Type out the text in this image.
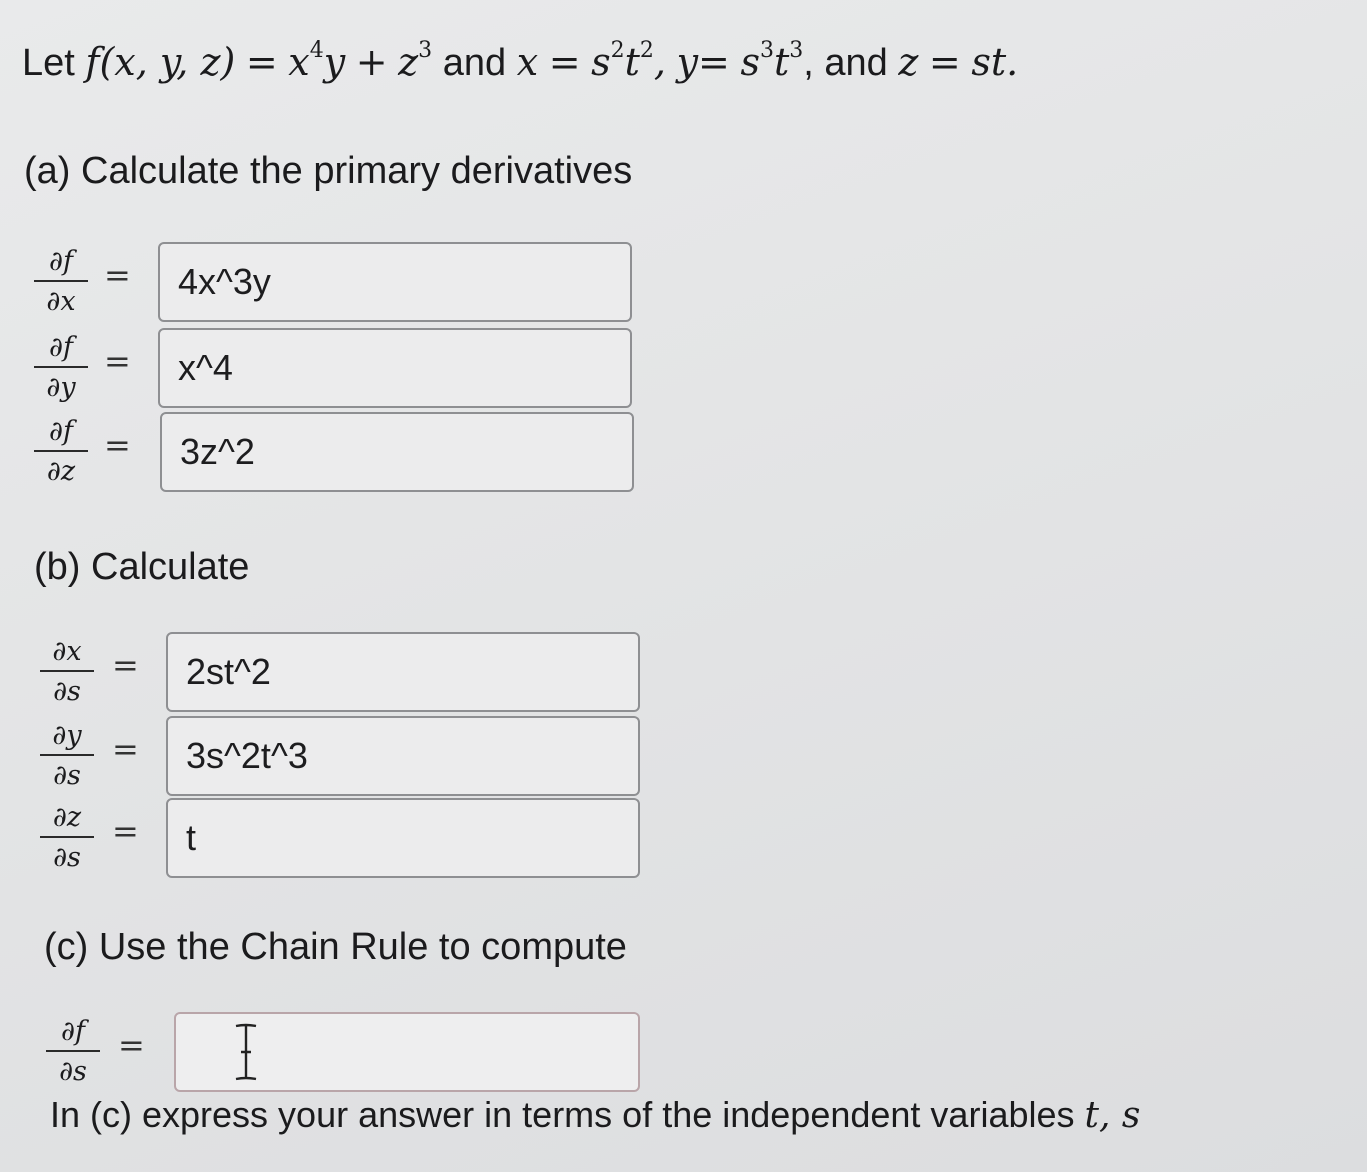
Let f(x, y, $z) = x^4y + z^3$ and $x = s^2t^2$, $y= s^3t^3$, and z = st.
(a) Calculate the primary derivatives
$\frac{\partial f}{\partial x}$ =	4x^3y
$\frac{\partial f}{\partial y}$ =	x^4
$\frac{\partial f}{\partial z}$ =	3z^2
(b) Calculate
$\frac{\partial x}{\partial s}$ =	2st^2
$\frac{\partial y}{\partial s}$ =	3s^2t^3
$\frac{\partial z}{\partial s}$ =	t
(c) Use the Chain Rule to compute
$\frac{\partial f}{\partial s}$ =
In (c) express your answer in terms of the independent variables t, s
